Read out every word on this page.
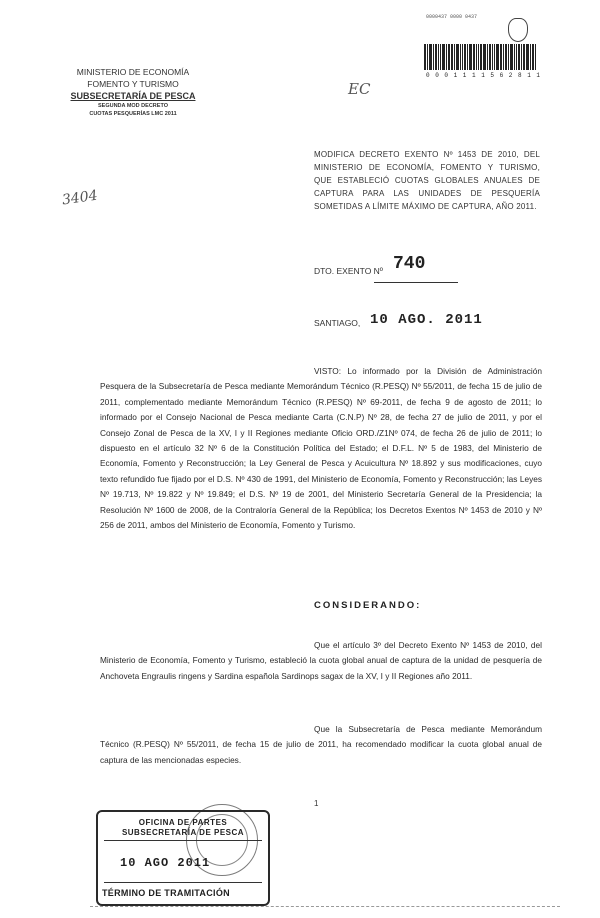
0000437 0000 0437
0 0 0 1 1 1 1 5 6 2 8 1 1
MINISTERIO DE ECONOMÍA
FOMENTO Y TURISMO
SUBSECRETARÍA DE PESCA
SEGUNDA MOD DECRETO
CUOTAS PESQUERÍAS LMC 2011
EC
3404
MODIFICA DECRETO EXENTO Nº 1453 DE 2010, DEL MINISTERIO DE ECONOMÍA, FOMENTO Y TURISMO, QUE ESTABLECIÓ CUOTAS GLOBALES ANUALES DE CAPTURA PARA LAS UNIDADES DE PESQUERÍA SOMETIDAS A LÍMITE MÁXIMO DE CAPTURA, AÑO 2011.
DTO. EXENTO Nº 740
SANTIAGO, 10 AGO. 2011
VISTO: Lo informado por la División de Administración Pesquera de la Subsecretaría de Pesca mediante Memorándum Técnico (R.PESQ) Nº 55/2011, de fecha 15 de julio de 2011, complementado mediante Memorándum Técnico (R.PESQ) Nº 69-2011, de fecha 9 de agosto de 2011; lo informado por el Consejo Nacional de Pesca mediante Carta (C.N.P) Nº 28, de fecha 27 de julio de 2011, y por el Consejo Zonal de Pesca de la XV, I y II Regiones mediante Oficio ORD./Z1Nº 074, de fecha 26 de julio de 2011; lo dispuesto en el artículo 32 Nº 6 de la Constitución Política del Estado; el D.F.L. Nº 5 de 1983, del Ministerio de Economía, Fomento y Reconstrucción; la Ley General de Pesca y Acuicultura Nº 18.892 y sus modificaciones, cuyo texto refundido fue fijado por el D.S. Nº 430 de 1991, del Ministerio de Economía, Fomento y Reconstrucción; las Leyes Nº 19.713, Nº 19.822 y Nº 19.849; el D.S. Nº 19 de 2001, del Ministerio Secretaría General de la Presidencia; la Resolución Nº 1600 de 2008, de la Contraloría General de la República; los Decretos Exentos Nº 1453 de 2010 y Nº 256 de 2011, ambos del Ministerio de Economía, Fomento y Turismo.
CONSIDERANDO:
Que el artículo 3º del Decreto Exento Nº 1453 de 2010, del Ministerio de Economía, Fomento y Turismo, estableció la cuota global anual de captura de la unidad de pesquería de Anchoveta Engraulis ringens y Sardina española Sardinops sagax de la XV, I y II Regiones año 2011.
Que la Subsecretaría de Pesca mediante Memorándum Técnico (R.PESQ) Nº 55/2011, de fecha 15 de julio de 2011, ha recomendado modificar la cuota global anual de captura de las mencionadas especies.
1
OFICINA DE PARTES
SUBSECRETARÍA DE PESCA
10 AGO 2011
TÉRMINO DE TRAMITACIÓN
